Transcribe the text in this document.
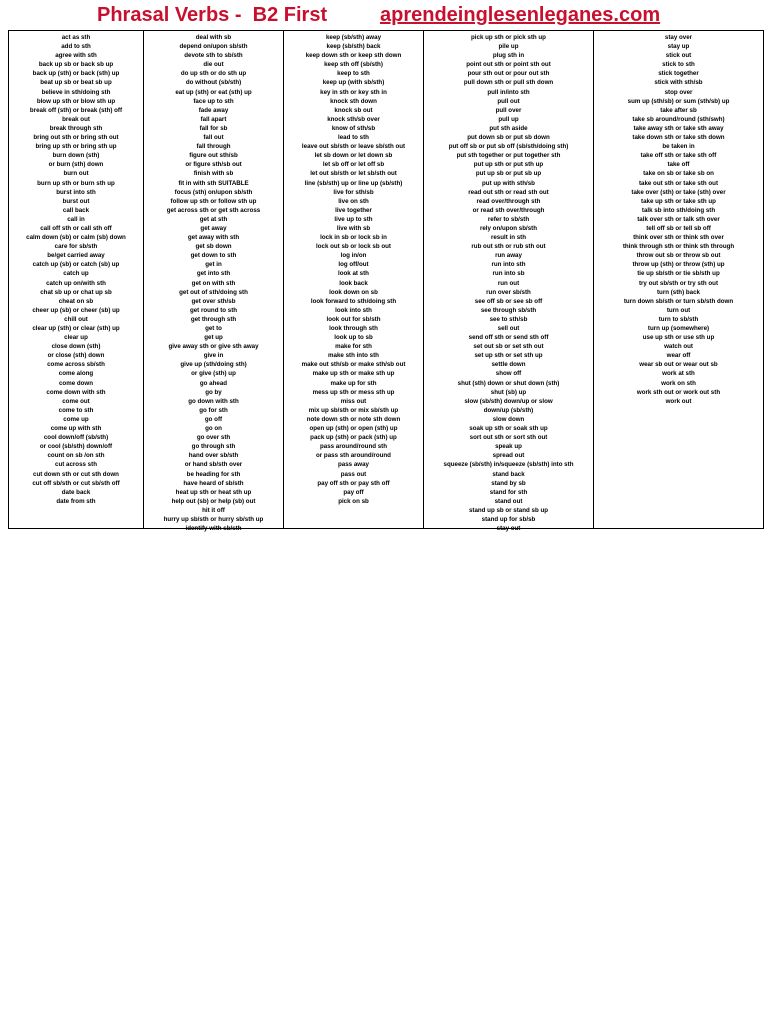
Phrasal Verbs -  B2 First	aprendeinglesenleganes.com
act as sth
add to sth
agree with sth
back up sb or back sb up
back up (sth) or back (sth) up
beat up sb or beat sb up
believe in sth/doing sth
blow up sth or blow sth up
break off (sth) or break (sth) off
break out
break through sth
bring out sth or bring sth out
bring up sth or bring sth up
burn down (sth)
or burn (sth) down
burn out
burn up sth or burn sth up
burst into sth
burst out
call back
call in
call off sth or call sth off
calm down (sb) or calm (sb) down
care for sb/sth
be/get carried away
catch up (sb) or catch (sb) up
catch up
catch up on/with sth
chat sb up or chat up sb
cheat on sb
cheer up (sb) or cheer (sb) up
chill out
clear up (sth) or clear (sth) up
clear up
close down (sth)
or close (sth) down
come across sb/sth
come along
come down
come down with sth
come out
come to sth
come up
come up with sth
cool down/off (sb/sth)
or cool (sb/sth) down/off
count on sb /on sth
cut across sth
cut down sth or cut sth down
cut off sb/sth or cut sb/sth off
date back
date from sth
deal with sb
depend on/upon sb/sth
devote sth to sb/sth
die out
do up sth or do sth up
do without (sb/sth)
eat up (sth) or eat (sth) up
face up to sth
fade away
fall apart
fall for sb
fall out
fall through
figure out sth/sb
or figure sth/sb out
finish with sb
fit in with sth SUITABLE
focus (sth) on/upon sb/sth
follow up sth or follow sth up
get across sth or get sth across
get at sth
get away
get away with sth
get sb down
get down to sth
get in
get into sth
get on with sth
get out of sth/doing sth
get over sth/sb
get round to sth
get through sth
get to
get up
give away sth or give sth away
give in
give up (sth/doing sth)
or give (sth) up
go ahead
go by
go down with sth
go for sth
go off
go on
go over sth
go through sth
hand over sb/sth
or hand sb/sth over
be heading for sth
have heard of sb/sth
heat up sth or heat sth up
help out (sb) or help (sb) out
hit it off
hurry up sb/sth or hurry sb/sth up
identify with sb/sth
keep (sb/sth) away
keep (sb/sth) back
keep down sth or keep sth down
keep sth off (sb/sth)
keep to sth
keep up (with sb/sth)
key in sth or key sth in
knock sth down
knock sb out
knock sth/sb over
know of sth/sb
lead to sth
leave out sb/sth or leave sb/sth out
let sb down or let down sb
let sb off or let off sb
let out sb/sth or let sb/sth out
line (sb/sth) up or line up (sb/sth)
live for sth/sb
live on sth
live together
live up to sth
live with sb
lock in sb or lock sb in
lock out sb or lock sb out
log in/on
log off/out
look at sth
look back
look down on sb
look forward to sth/doing sth
look into sth
look out for sb/sth
look through sth
look up to sb
make for sth
make sth into sth
make out sth/sb or make sth/sb out
make up sth or make sth up
make up for sth
mess up sth or mess sth up
miss out
mix up sb/sth or mix sb/sth up
note down sth or note sth down
open up (sth) or open (sth) up
pack up (sth) or pack (sth) up
pass around/round sth
or pass sth around/round
pass away
pass out
pay off sth or pay sth off
pay off
pick on sb
pick up sth or pick sth up
pile up
plug sth in
point out sth or point sth out
pour sth out or pour out sth
pull down sth or pull sth down
pull in/into sth
pull out
pull over
pull up
put sth aside
put down sb or put sb down
put off sb or put sb off (sb/sth/doing sth)
put sth together or put together sth
put up sth or put sth up
put up sb or put sb up
put up with sth/sb
read out sth or read sth out
read over/through sth
or read sth over/through
refer to sb/sth
rely on/upon sb/sth
result in sth
rub out sth or rub sth out
run away
run into sth
run into sb
run out
run over sb/sth
see off sb or see sb off
see through sb/sth
see to sth/sb
sell out
send off sth or send sth off
set out sb or set sth out
set up sth or set sth up
settle down
show off
shut (sth) down or shut down (sth)
shut (sb) up
slow (sb/sth) down/up or slow
down/up (sb/sth)
slow down
soak up sth or soak sth up
sort out sth or sort sth out
speak up
spread out
squeeze (sb/sth) in/squeeze (sb/sth) into sth
stand back
stand by sb
stand for sth
stand out
stand up sb or stand sb up
stand up for sb/sb
stay out
stay over
stay up
stick out
stick to sth
stick together
stick with sth/sb
stop over
sum up (sth/sb) or sum (sth/sb) up
take after sb
take sb around/round (sth/swh)
take away sth or take sth away
take down sth or take sth down
be taken in
take off sth or take sth off
take off
take on sb or take sb on
take out sth or take sth out
take over (sth) or take (sth) over
take up sth or take sth up
talk sb into sth/doing sth
talk over sth or talk sth over
tell off sb or tell sb off
think over sth or think sth over
think through sth or think sth through
throw out sb or throw sb out
throw up (sth) or throw (sth) up
tie up sb/sth or tie sb/sth up
try out sb/sth or try sth out
turn (sth) back
turn down sb/sth or turn sb/sth down
turn out
turn to sb/sth
turn up (somewhere)
use up sth or use sth up
watch out
wear off
wear sb out or wear out sb
work at sth
work on sth
work sth out or work out sth
work out
